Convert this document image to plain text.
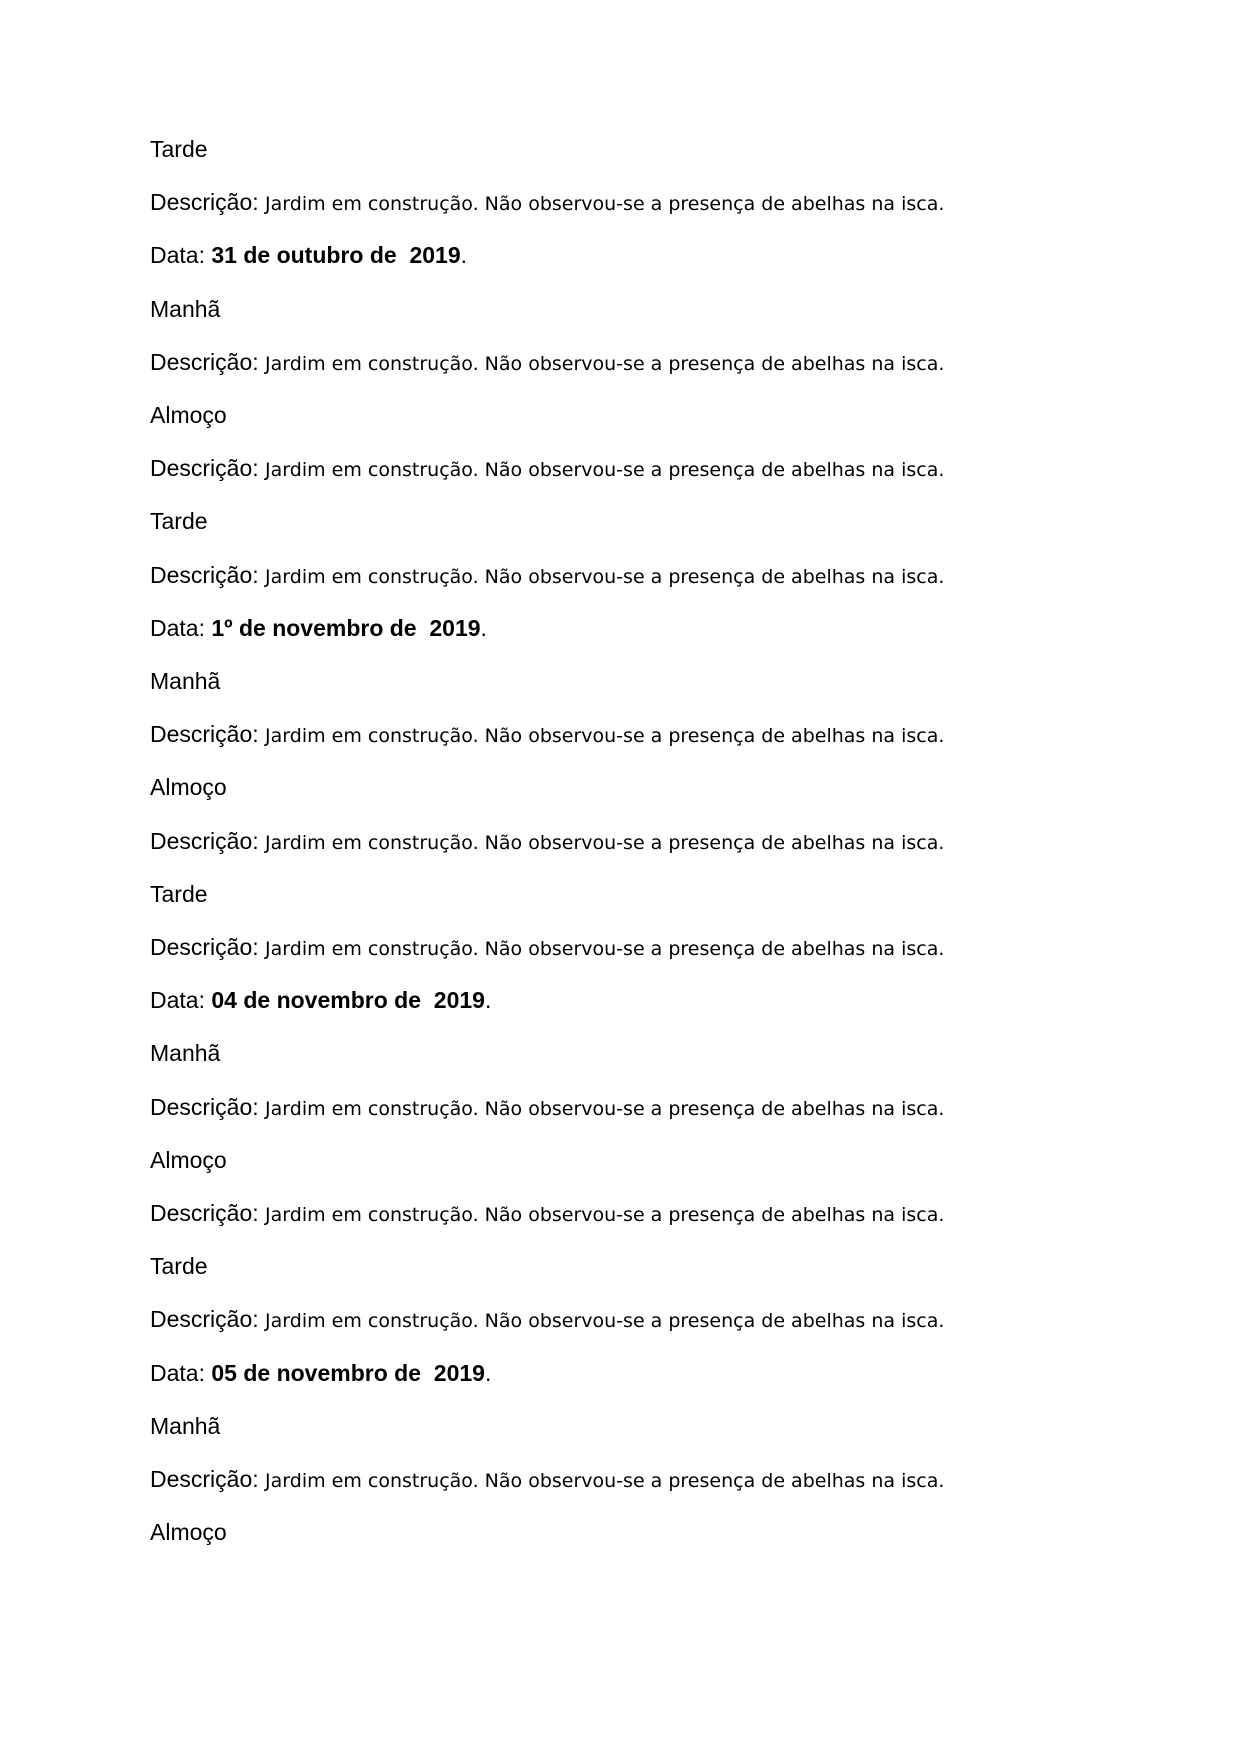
Tarde
Descrição: Jardim em construção. Não observou-se a presença de abelhas na isca.
Data: 31 de outubro de  2019.
Manhã
Descrição: Jardim em construção. Não observou-se a presença de abelhas na isca.
Almoço
Descrição: Jardim em construção. Não observou-se a presença de abelhas na isca.
Tarde
Descrição: Jardim em construção. Não observou-se a presença de abelhas na isca.
Data: 1º de novembro de  2019.
Manhã
Descrição: Jardim em construção. Não observou-se a presença de abelhas na isca.
Almoço
Descrição: Jardim em construção. Não observou-se a presença de abelhas na isca.
Tarde
Descrição: Jardim em construção. Não observou-se a presença de abelhas na isca.
Data: 04 de novembro de  2019.
Manhã
Descrição: Jardim em construção. Não observou-se a presença de abelhas na isca.
Almoço
Descrição: Jardim em construção. Não observou-se a presença de abelhas na isca.
Tarde
Descrição: Jardim em construção. Não observou-se a presença de abelhas na isca.
Data: 05 de novembro de  2019.
Manhã
Descrição: Jardim em construção. Não observou-se a presença de abelhas na isca.
Almoço
